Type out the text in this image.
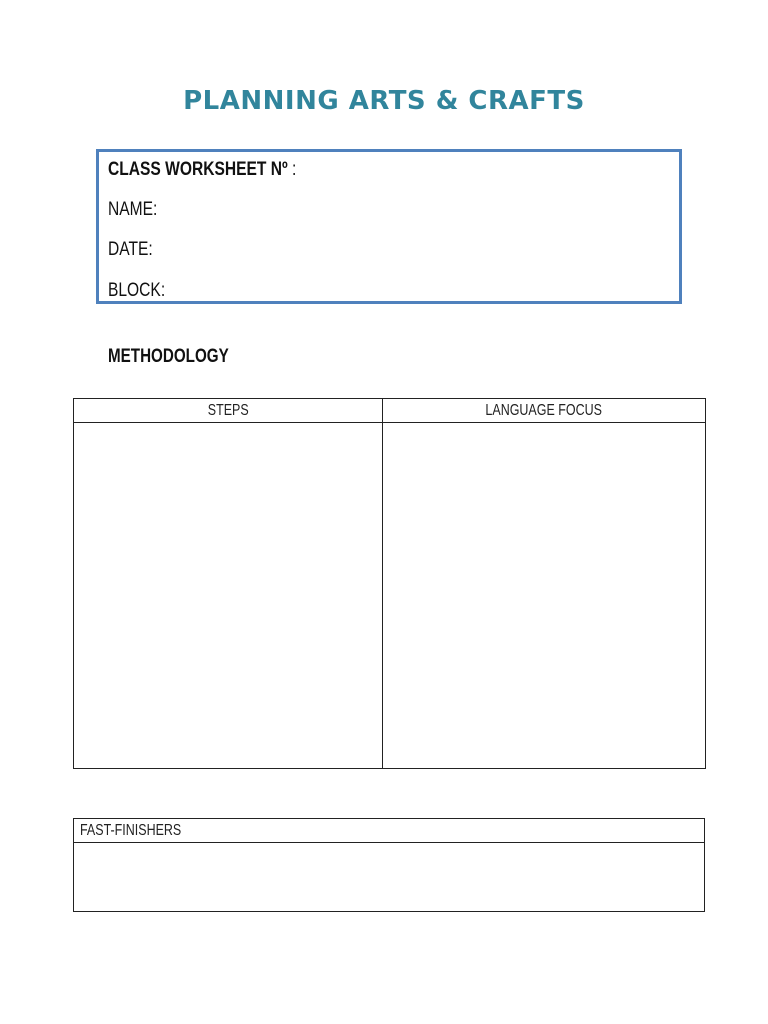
PLANNING ARTS & CRAFTS
CLASS WORKSHEET Nº :
NAME:
DATE:
BLOCK:
METHODOLOGY
STEPS	LANGUAGE FOCUS

FAST-FINISHERS
